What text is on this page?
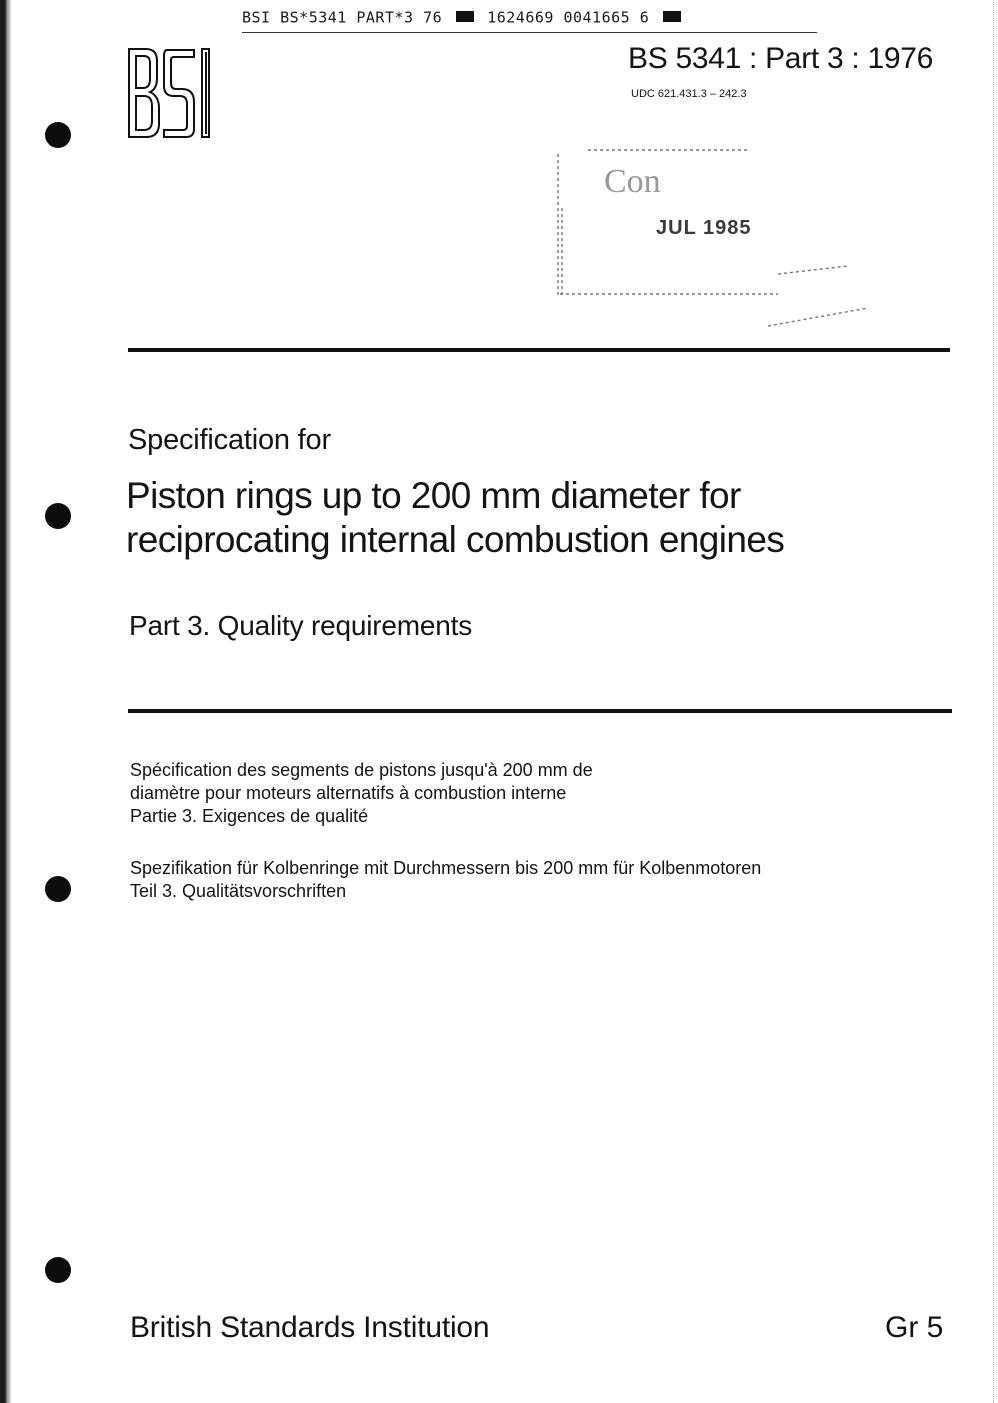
BSI BS*5341 PART*3 76	1624669 0041665 6
BS 5341 : Part 3 : 1976
UDC 621.431.3 – 242.3
Con
JUL 1985
Specification for
Piston rings up to 200 mm diameter for
reciprocating internal combustion engines
Part 3. Quality requirements
Spécification des segments de pistons jusqu'à 200 mm de
diamètre pour moteurs alternatifs à combustion interne
Partie 3. Exigences de qualité
Spezifikation für Kolbenringe mit Durchmessern bis 200 mm für Kolbenmotoren
Teil 3. Qualitätsvorschriften
British Standards Institution	Gr 5
